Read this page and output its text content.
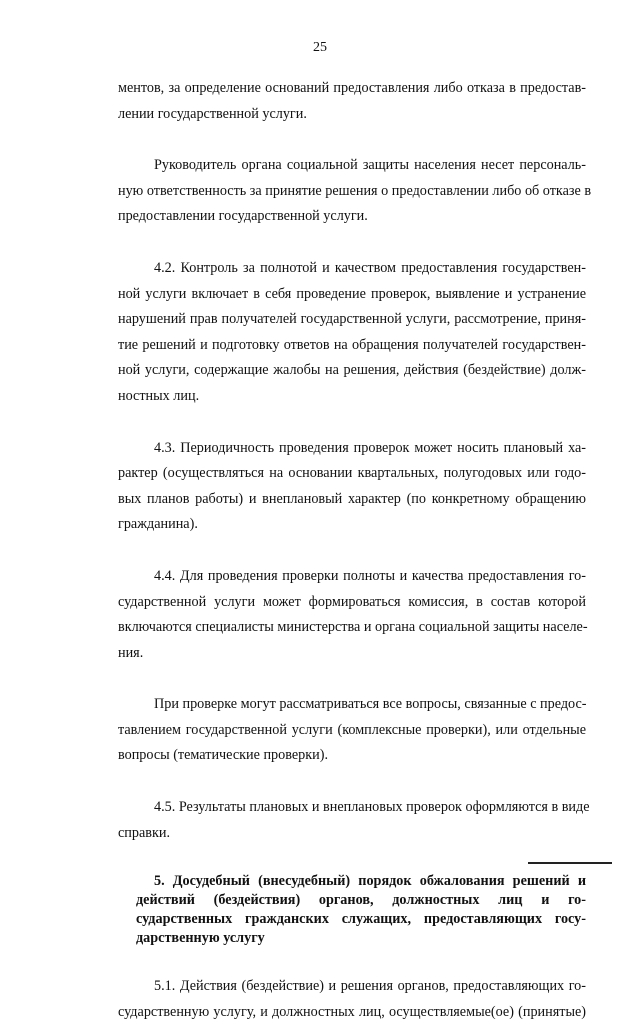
25
ментов, за определение оснований предоставления либо отказа в предостав-
лении государственной услуги.
Руководитель органа социальной защиты населения несет персональ-
ную ответственность за принятие решения о предоставлении либо об отказе в
предоставлении государственной услуги.
4.2. Контроль за полнотой и качеством предоставления государствен-
ной услуги включает в себя проведение проверок, выявление и устранение
нарушений прав получателей государственной услуги, рассмотрение, приня-
тие решений и подготовку ответов на обращения получателей государствен-
ной услуги, содержащие жалобы на решения, действия (бездействие) долж-
ностных лиц.
4.3. Периодичность проведения проверок может носить плановый ха-
рактер (осуществляться на основании квартальных, полугодовых или годо-
вых планов работы) и внеплановый характер (по конкретному обращению
гражданина).
4.4. Для проведения проверки полноты и качества предоставления го-
сударственной услуги может формироваться комиссия, в состав которой
включаются специалисты министерства и органа социальной защиты населе-
ния.
При проверке могут рассматриваться все вопросы, связанные с предос-
тавлением государственной услуги (комплексные проверки), или отдельные
вопросы (тематические проверки).
4.5. Результаты плановых и внеплановых проверок оформляются в виде
справки.
5. Досудебный (внесудебный) порядок обжалования решений и
действий (бездействия) органов, должностных лиц и го-
сударственных гражданских служащих, предоставляющих госу-
дарственную услугу
5.1. Действия (бездействие) и решения органов, предоставляющих го-
сударственную услугу, и должностных лиц, осуществляемые(ое) (принятые)
